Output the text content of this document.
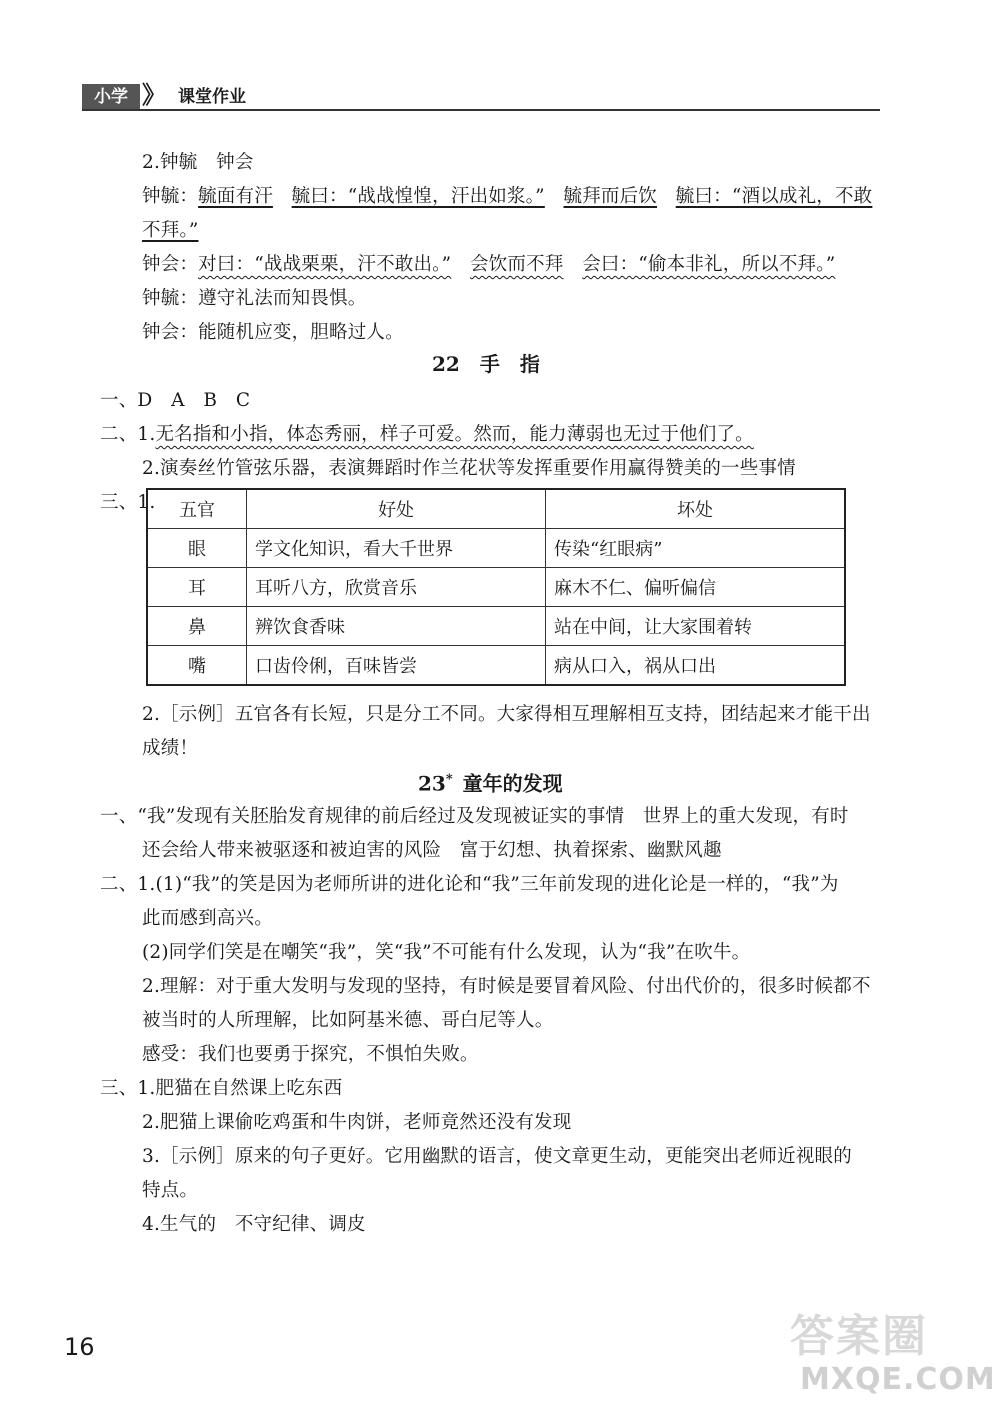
小学 》 课堂作业
2.钟毓　钟会
钟毓：毓面有汗　 毓曰：“战战惶惶，汗出如浆。”　 毓拜而后饮　 毓曰：“酒以成礼，不敢
不拜。”
钟会：对曰：“战战栗栗，汗不敢出。”　 会饮而不拜　 会曰：“偷本非礼，所以不拜。”
钟毓：遵守礼法而知畏惧。
钟会：能随机应变，胆略过人。
22　手　指
一、D　A　B　C
二、1.无名指和小指，体态秀丽，样子可爱。然而，能力薄弱也无过于他们了。
2.演奏丝竹管弦乐器，表演舞蹈时作兰花状等发挥重要作用赢得赞美的一些事情
三、1. 五官	好处	坏处
眼	学文化知识，看大千世界	传染“红眼病”
耳	耳听八方，欣赏音乐	麻木不仁、偏听偏信
鼻	辨饮食香味	站在中间，让大家围着转
嘴	口齿伶俐，百味皆尝	病从口入，祸从口出
2.［示例］五官各有长短，只是分工不同。大家得相互理解相互支持，团结起来才能干出
成绩！
23* 童年的发现
一、“我”发现有关胚胎发育规律的前后经过及发现被证实的事情　世界上的重大发现，有时
还会给人带来被驱逐和被迫害的风险　富于幻想、执着探索、幽默风趣
二、1.(1)“我”的笑是因为老师所讲的进化论和“我”三年前发现的进化论是一样的，“我”为
此而感到高兴。
(2)同学们笑是在嘲笑“我”，笑“我”不可能有什么发现，认为“我”在吹牛。
2.理解：对于重大发明与发现的坚持，有时候是要冒着风险、付出代价的，很多时候都不
被当时的人所理解，比如阿基米德、哥白尼等人。
感受：我们也要勇于探究，不惧怕失败。
三、1.肥猫在自然课上吃东西
2.肥猫上课偷吃鸡蛋和牛肉饼，老师竟然还没有发现
3.［示例］原来的句子更好。它用幽默的语言，使文章更生动，更能突出老师近视眼的
特点。
4.生气的　不守纪律、调皮
16	答案圈
MXQE.COM
